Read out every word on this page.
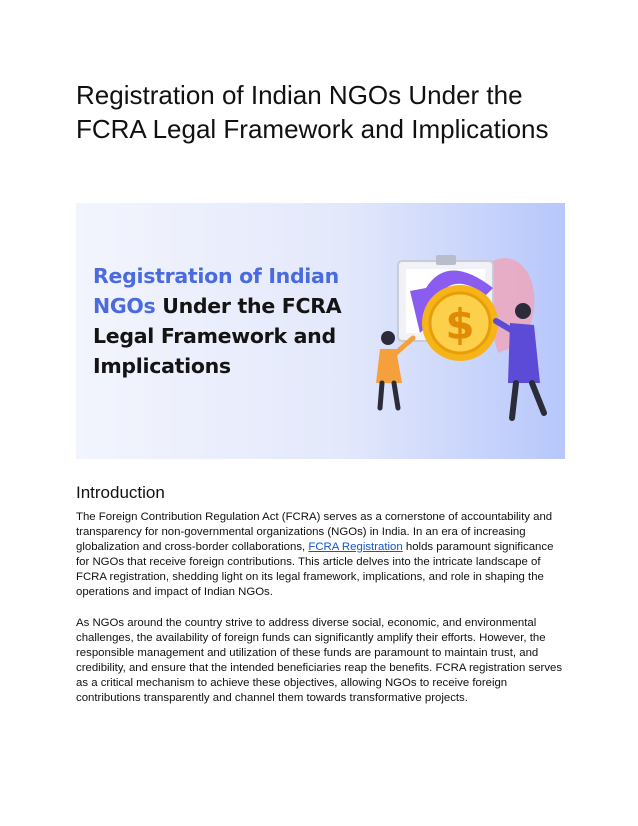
Registration of Indian NGOs Under the FCRA Legal Framework and Implications
Registration of Indian NGOs Under the FCRA Legal Framework and Implications
$
Introduction

The Foreign Contribution Regulation Act (FCRA) serves as a cornerstone of accountability and transparency for non-governmental organizations (NGOs) in India. In an era of increasing globalization and cross-border collaborations, FCRA Registration holds paramount significance for NGOs that receive foreign contributions. This article delves into the intricate landscape of FCRA registration, shedding light on its legal framework, implications, and role in shaping the operations and impact of Indian NGOs.

As NGOs around the country strive to address diverse social, economic, and environmental challenges, the availability of foreign funds can significantly amplify their efforts. However, the responsible management and utilization of these funds are paramount to maintain trust, and credibility, and ensure that the intended beneficiaries reap the benefits. FCRA registration serves as a critical mechanism to achieve these objectives, allowing NGOs to receive foreign contributions transparently and channel them towards transformative projects.
